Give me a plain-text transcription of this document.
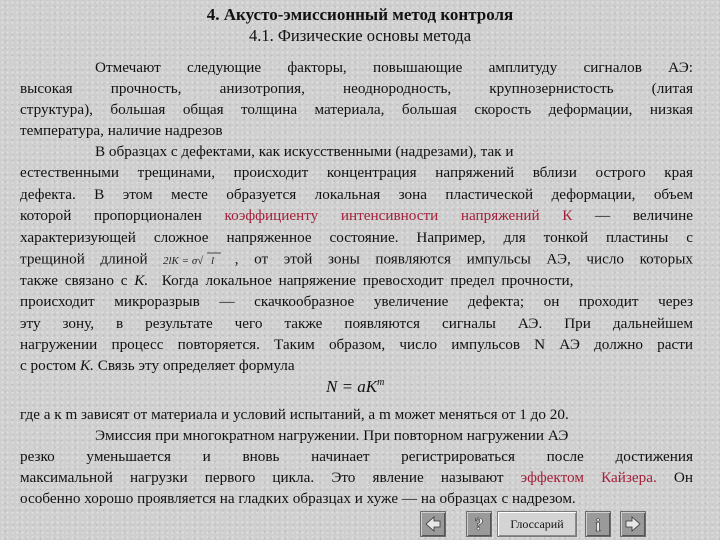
4. Акусто-эмиссионный метод контроля
4.1. Физические основы метода
Отмечают следующие факторы, повышающие амплитуду сигналов АЭ:
высокая прочность, анизотропия, неоднородность, крупнозернистость (литая
структура), большая общая толщина материала, большая скорость деформации, низкая
температура, наличие надрезов
В образцах с дефектами, как искусственными (надрезами), так и
естественными трещинами, происходит концентрация напряжений вблизи острого края
дефекта. В этом месте образуется локальная зона пластической деформации, объем
которой пропорционален коэффициенту интенсивности напряжений К — величине
характеризующей сложное напряженное состояние. Например, для тонкой пластины с
трещиной длиной 2lK = σ√ l , от этой зоны появляются импульсы АЭ, число которых
также связано с К. Когда локальное напряжение превосходит предел прочности,
происходит микроразрыв — скачкообразное увеличение дефекта; он проходит через
эту зону, в результате чего также появляются сигналы АЭ. При дальнейшем
нагружении процесс повторяется. Таким образом, число импульсов N АЭ должно расти
с ростом К. Связь эту определяет формула
$N = aK^m$
где a к m зависят от материала и условий испытаний, а m может меняться от 1 до 20.
Эмиссия при многократном нагружении. При повторном нагружении АЭ
резко уменьшается и вновь начинает регистрироваться после достижения
максимальной нагрузки первого цикла. Это явление называют эффектом Кайзера. Он
особенно хорошо проявляется на гладких образцах и хуже — на образцах с надрезом.
?	Глоссарий	i
